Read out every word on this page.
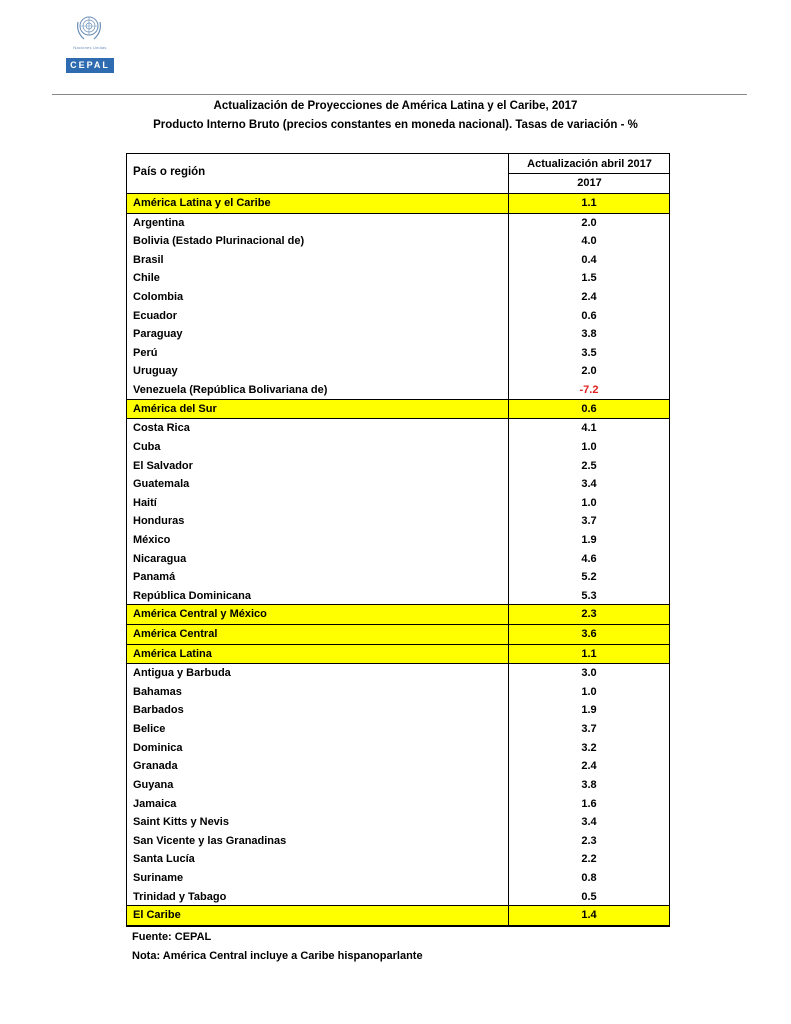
Naciones Unidas
CEPAL
Actualización de Proyecciones de América Latina y el Caribe, 2017
Producto Interno Bruto (precios constantes en moneda nacional). Tasas de variación - %
País o región
Actualización abril 2017
2017
América Latina y el Caribe	1.1
Argentina	2.0
Bolivia (Estado Plurinacional de)	4.0
Brasil	0.4
Chile	1.5
Colombia	2.4
Ecuador	0.6
Paraguay	3.8
Perú	3.5
Uruguay	2.0
Venezuela (República Bolivariana de)	-7.2
América del Sur	0.6
Costa Rica	4.1
Cuba	1.0
El Salvador	2.5
Guatemala	3.4
Haití	1.0
Honduras	3.7
México	1.9
Nicaragua	4.6
Panamá	5.2
República Dominicana	5.3
América Central y México	2.3
América Central	3.6
América Latina	1.1
Antigua y Barbuda	3.0
Bahamas	1.0
Barbados	1.9
Belice	3.7
Dominica	3.2
Granada	2.4
Guyana	3.8
Jamaica	1.6
Saint Kitts y Nevis	3.4
San Vicente y las Granadinas	2.3
Santa Lucía	2.2
Suriname	0.8
Trinidad y Tabago	0.5
El Caribe	1.4
Fuente: CEPAL
Nota: América Central incluye a Caribe hispanoparlante
